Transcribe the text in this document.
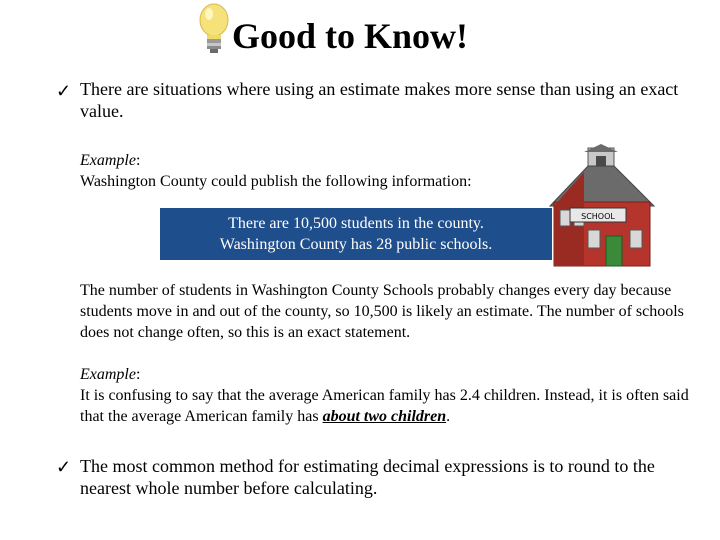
Good to Know!
✓ There are situations where using an estimate makes more sense than using an exact value.
Example:
Washington County could publish the following information:
There are 10,500 students in the county.
Washington County has 28 public schools.
SCHOOL
The number of students in Washington County Schools probably changes every day because students move in and out of the county, so 10,500 is likely an estimate. The number of schools does not change often, so this is an exact statement.
Example:
It is confusing to say that the average American family has 2.4 children. Instead, it is often said that the average American family has about two children.
✓ The most common method for estimating decimal expressions is to round to the nearest whole number before calculating.
